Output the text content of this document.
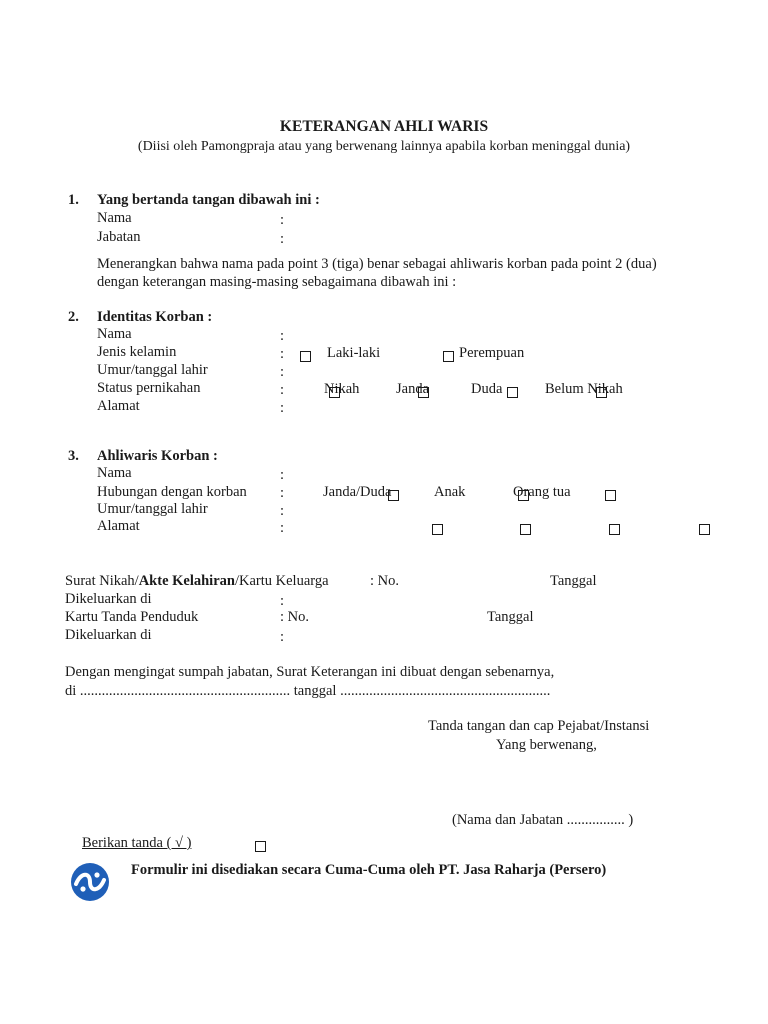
KETERANGAN AHLI WARIS
(Diisi oleh Pamongpraja atau yang berwenang lainnya apabila korban meninggal dunia)
1. Yang bertanda tangan dibawah ini :
Nama	:
Jabatan	:
Menerangkan bahwa nama pada point 3 (tiga) benar sebagai ahliwaris korban pada point 2 (dua)
dengan keterangan masing-masing sebagaimana dibawah ini :
2. Identitas Korban :
Nama	:
Jenis kelamin	:
	Laki-laki
	Perempuan
Umur/tanggal lahir	:
Status pernikahan	:
	Nikah
	Janda
	Duda
	Belum Nikah
Alamat	:
3. Ahliwaris Korban :
Nama	:
Hubungan dengan korban :
	Janda/Duda
	Anak
	Orang tua
Umur/tanggal lahir	:
Alamat	:

Surat Nikah/Akte Kelahiran/Kartu Keluarga	: No.	Tanggal
Dikeluarkan di	:
Kartu Tanda Penduduk	: No.	Tanggal
Dikeluarkan di	:
Dengan mengingat sumpah jabatan, Surat Keterangan ini dibuat dengan sebenarnya,
di .......................................................... tanggal ..........................................................
Tanda tangan dan cap Pejabat/Instansi
Yang berwenang,
(Nama dan Jabatan ................ )
Berikan tanda ( √ )
Formulir ini disediakan secara Cuma-Cuma oleh PT. Jasa Raharja (Persero)
